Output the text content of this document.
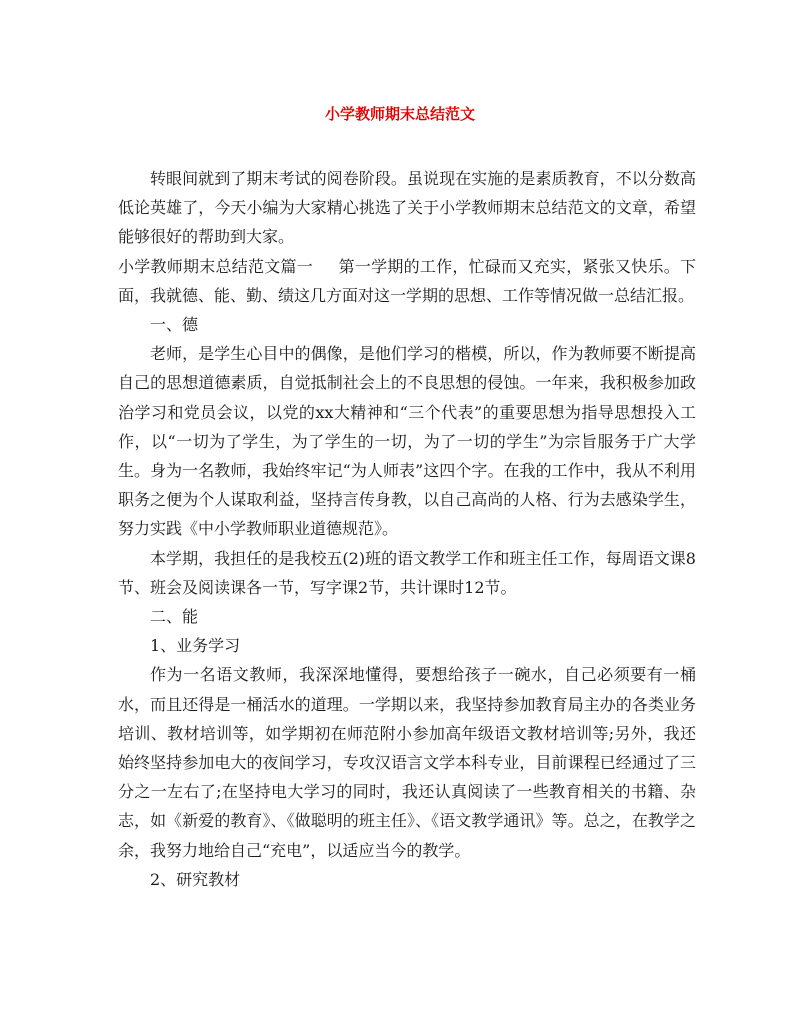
小学教师期末总结范文

转眼间就到了期末考试的阅卷阶段。虽说现在实施的是素质教育，不以分数高低论英雄了，今天小编为大家精心挑选了关于小学教师期末总结范文的文章，希望能够很好的帮助到大家。

小学教师期末总结范文篇一 第一学期的工作，忙碌而又充实，紧张又快乐。下面，我就德、能、勤、绩这几方面对这一学期的思想、工作等情况做一总结汇报。

一、德

老师，是学生心目中的偶像，是他们学习的楷模，所以，作为教师要不断提高自己的思想道德素质，自觉抵制社会上的不良思想的侵蚀。一年来，我积极参加政治学习和党员会议，以党的xx大精神和“三个代表”的重要思想为指导思想投入工作，以“一切为了学生，为了学生的一切，为了一切的学生”为宗旨服务于广大学生。身为一名教师，我始终牢记“为人师表”这四个字。在我的工作中，我从不利用职务之便为个人谋取利益，坚持言传身教，以自己高尚的人格、行为去感染学生，努力实践《中小学教师职业道德规范》。

本学期，我担任的是我校五(2)班的语文教学工作和班主任工作，每周语文课8节、班会及阅读课各一节，写字课2节，共计课时12节。

二、能

1、业务学习

作为一名语文教师，我深深地懂得，要想给孩子一碗水，自己必须要有一桶水，而且还得是一桶活水的道理。一学期以来，我坚持参加教育局主办的各类业务培训、教材培训等，如学期初在师范附小参加高年级语文教材培训等;另外，我还始终坚持参加电大的夜间学习，专攻汉语言文学本科专业，目前课程已经通过了三分之一左右了;在坚持电大学习的同时，我还认真阅读了一些教育相关的书籍、杂志，如《新爱的教育》、《做聪明的班主任》、《语文教学通讯》等。总之，在教学之余，我努力地给自己“充电”，以适应当今的教学。

2、研究教材
